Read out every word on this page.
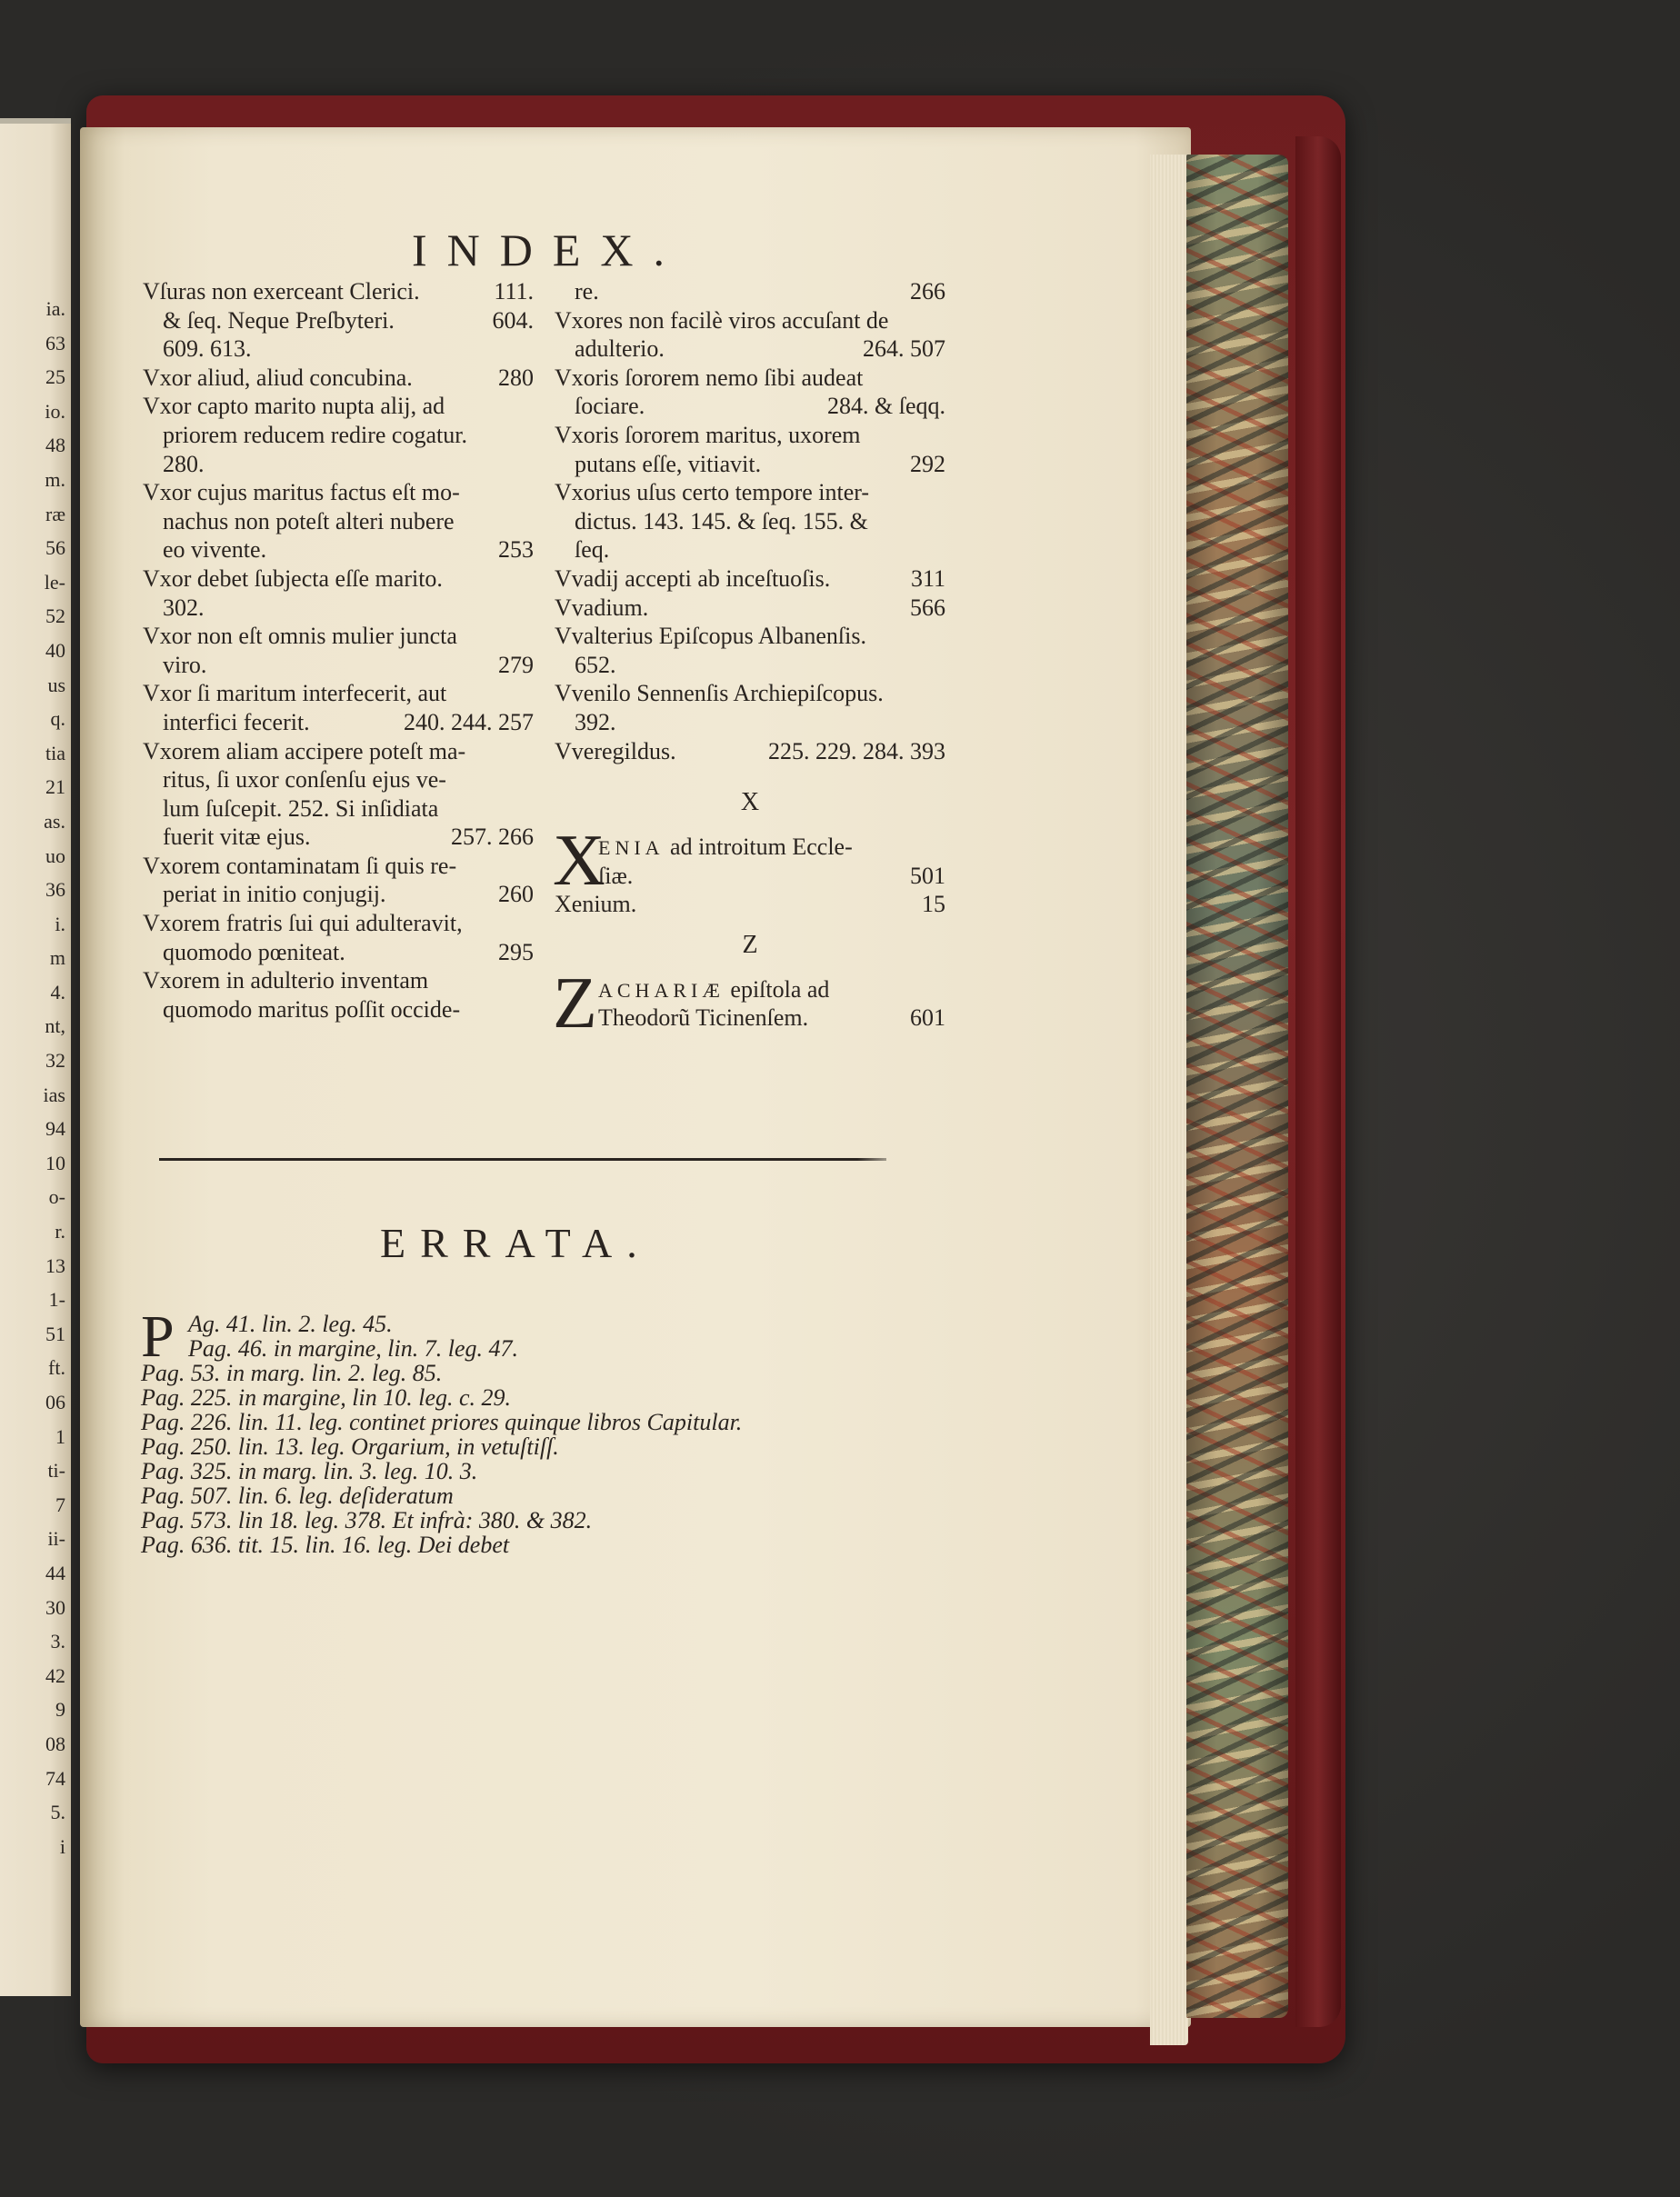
ia.
63
25
io.
48
m.
ræ
56
le-
52
40
us
q.
tia
21
as.
uo
36
i.
m
4.
nt,
32
ias
94
10
o-
r.
13
1-
51
ft.
06
1
ti-
7
ii-
44
30
3.
42
9
08
74
5.
i
INDEX.
Vſuras non exerceant Clerici.	111.
& ſeq. Neque Preſbyteri.	604.
609. 613.
Vxor aliud, aliud concubina.	280
Vxor capto marito nupta alij, ad
priorem reducem redire cogatur.
280.
Vxor cujus maritus factus eſt mo-
nachus non poteſt alteri nubere
eo vivente.	253
Vxor debet ſubjecta eſſe marito.
302.
Vxor non eſt omnis mulier juncta
viro.	279
Vxor ſi maritum interfecerit, aut
interfici fecerit.	240. 244. 257
Vxorem aliam accipere poteſt ma-
ritus, ſi uxor conſenſu ejus ve-
lum ſuſcepit. 252. Si inſidiata
fuerit vitæ ejus.	257. 266
Vxorem contaminatam ſi quis re-
periat in initio conjugij.	260
Vxorem fratris ſui qui adulteravit,
quomodo pœniteat.	295
Vxorem in adulterio inventam
quomodo maritus poſſit occide-
re.	266
Vxores non facilè viros accuſant de
adulterio.	264. 507
Vxoris ſororem nemo ſibi audeat
ſociare.	284. & ſeqq.
Vxoris ſororem maritus, uxorem
putans eſſe, vitiavit.	292
Vxorius uſus certo tempore inter-
dictus. 143. 145. & ſeq. 155. &
ſeq.
Vvadij accepti ab inceſtuoſis.	311
Vvadium.	566
Vvalterius Epiſcopus Albanenſis.
652.
Vvenilo Sennenſis Archiepiſcopus.
392.
Vveregildus.	225. 229. 284. 393
X
X
ENIA ad introitum Eccle-
ſiæ.	501
Xenium.	15
Z
Z ACHARIÆ epiſtola ad
Theodorũ Ticinenſem.	601
ERRATA.
P Ag. 41. lin. 2. leg. 45.
Pag. 46. in margine, lin. 7. leg. 47.
Pag. 53. in marg. lin. 2. leg. 85.
Pag. 225. in margine, lin 10. leg. c. 29.
Pag. 226. lin. 11. leg. continet priores quinque libros Capitular.
Pag. 250. lin. 13. leg. Orgarium, in vetuſtiſſ.
Pag. 325. in marg. lin. 3. leg. 10. 3.
Pag. 507. lin. 6. leg. deſideratum
Pag. 573. lin 18. leg. 378. Et infrà: 380. & 382.
Pag. 636. tit. 15. lin. 16. leg. Dei debet
